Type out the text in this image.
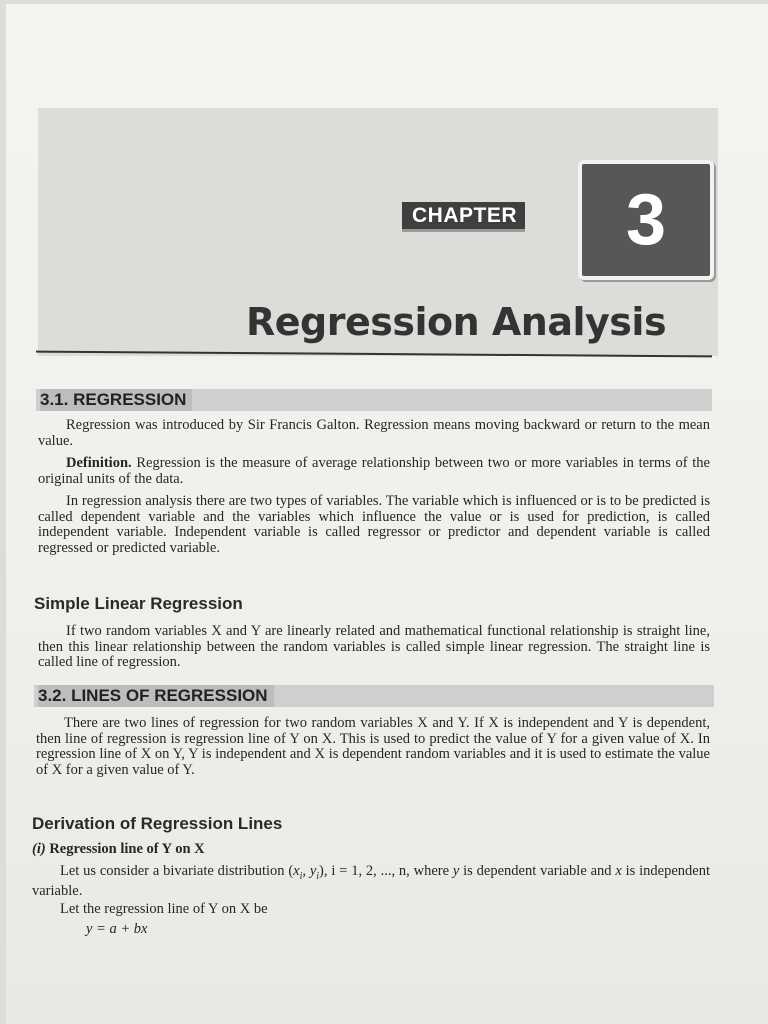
CHAPTER 3
Regression Analysis
3.1. REGRESSION
Regression was introduced by Sir Francis Galton. Regression means moving backward or return to the mean value.
Definition. Regression is the measure of average relationship between two or more variables in terms of the original units of the data.
In regression analysis there are two types of variables. The variable which is influenced or is to be predicted is called dependent variable and the variables which influence the value or is used for prediction, is called independent variable. Independent variable is called regressor or predictor and dependent variable is called regressed or predicted variable.
Simple Linear Regression
If two random variables X and Y are linearly related and mathematical functional relationship is straight line, then this linear relationship between the random variables is called simple linear regression. The straight line is called line of regression.
3.2. LINES OF REGRESSION
There are two lines of regression for two random variables X and Y. If X is independent and Y is dependent, then line of regression is regression line of Y on X. This is used to predict the value of Y for a given value of X. In regression line of X on Y, Y is independent and X is dependent random variables and it is used to estimate the value of X for a given value of Y.
Derivation of Regression Lines
(i) Regression line of Y on X
Let us consider a bivariate distribution ($x_i$, $y_i$), i = 1, 2, ..., n, where y is dependent variable and x is independent variable.
Let the regression line of Y on X be
y = a + bx
